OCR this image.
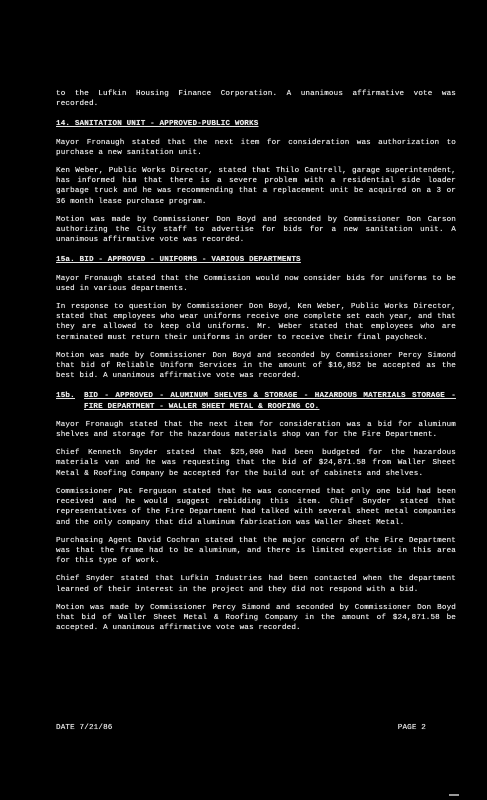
to the Lufkin Housing Finance Corporation. A unanimous affirmative vote was recorded.

14. SANITATION UNIT - APPROVED-PUBLIC WORKS

Mayor Fronaugh stated that the next item for consideration was authorization to purchase a new sanitation unit.

Ken Weber, Public Works Director, stated that Thilo Cantrell, garage superintendent, has informed him that there is a severe problem with a residential side loader garbage truck and he was recommending that a replacement unit be acquired on a 3 or 36 month lease purchase program.

Motion was made by Commissioner Don Boyd and seconded by Commissioner Don Carson authorizing the City staff to advertise for bids for a new sanitation unit. A unanimous affirmative vote was recorded.

15a. BID - APPROVED - UNIFORMS - VARIOUS DEPARTMENTS

Mayor Fronaugh stated that the Commission would now consider bids for uniforms to be used in various departments.

In response to question by Commissioner Don Boyd, Ken Weber, Public Works Director, stated that employees who wear uniforms receive one complete set each year, and that they are allowed to keep old uniforms. Mr. Weber stated that employees who are terminated must return their uniforms in order to receive their final paycheck.

Motion was made by Commissioner Don Boyd and seconded by Commissioner Percy Simond that bid of Reliable Uniform Services in the amount of $16,852 be accepted as the best bid. A unanimous affirmative vote was recorded.

15b.	BID - APPROVED - ALUMINUM SHELVES & STORAGE - HAZARDOUS MATERIALS STORAGE - FIRE DEPARTMENT - WALLER SHEET METAL & ROOFING CO.

Mayor Fronaugh stated that the next item for consideration was a bid for aluminum shelves and storage for the hazardous materials shop van for the Fire Department.

Chief Kenneth Snyder stated that $25,000 had been budgeted for the hazardous materials van and he was requesting that the bid of $24,871.58 from Waller Sheet Metal & Roofing Company be accepted for the build out of cabinets and shelves.

Commissioner Pat Ferguson stated that he was concerned that only one bid had been received and he would suggest rebidding this item. Chief Snyder stated that representatives of the Fire Department had talked with several sheet metal companies and the only company that did aluminum fabrication was Waller Sheet Metal.

Purchasing Agent David Cochran stated that the major concern of the Fire Department was that the frame had to be aluminum, and there is limited expertise in this area for this type of work.

Chief Snyder stated that Lufkin Industries had been contacted when the department learned of their interest in the project and they did not respond with a bid.

Motion was made by Commissioner Percy Simond and seconded by Commissioner Don Boyd that bid of Waller Sheet Metal & Roofing Company in the amount of $24,871.58 be accepted. A unanimous affirmative vote was recorded.

DATE 7/21/86	PAGE 2
